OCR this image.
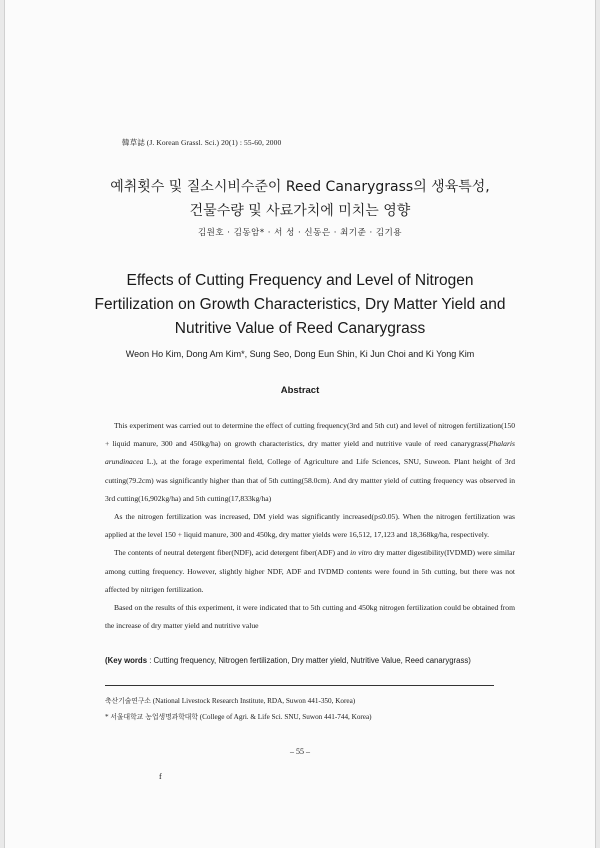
韓草誌 (J. Korean Grassl. Sci.) 20(1) : 55-60, 2000
예취횟수 및 질소시비수준이 Reed Canarygrass의 생육특성,
건물수량 및 사료가치에 미치는 영향
김원호 · 김동암* · 서 성 · 신동은 · 최기준 · 김기용
Effects of Cutting Frequency and Level of Nitrogen
Fertilization on Growth Characteristics, Dry Matter Yield and
Nutritive Value of Reed Canarygrass
Weon Ho Kim, Dong Am Kim*, Sung Seo, Dong Eun Shin, Ki Jun Choi and Ki Yong Kim
Abstract

This experiment was carried out to determine the effect of cutting frequency(3rd and 5th cut) and level of nitrogen fertilization(150 + liquid manure, 300 and 450kg/ha) on growth characteristics, dry matter yield and nutritive vaule of reed canarygrass(Phalaris arundinacea L.), at the forage experimental field, College of Agriculture and Life Sciences, SNU, Suweon. Plant height of 3rd cutting(79.2cm) was significantly higher than that of 5th cutting(58.0cm). And dry mattter yield of cutting frequency was observed in 3rd cutting(16,902kg/ha) and 5th cutting(17,833kg/ha)

As the nitrogen fertilization was increased, DM yield was significantly increased(p≤0.05). When the nitrogen fertilization was applied at the level 150 + liquid manure, 300 and 450kg, dry matter yields were 16,512, 17,123 and 18,368kg/ha, respectively.

The contents of neutral detergent fiber(NDF), acid detergent fiber(ADF) and in vitro dry matter digestibility(IVDMD) were similar among cutting frequency. However, slightly higher NDF, ADF and IVDMD contents were found in 5th cutting, but there was not affected by nitrigen fertilization.

Based on the results of this experiment, it were indicated that to 5th cutting and 450kg nitrogen fertilization could be obtained from the increase of dry matter yield and nutritive value

(Key words : Cutting frequency, Nitrogen fertilization, Dry matter yield, Nutritive Value, Reed canarygrass)
축산기술연구소 (National Livestock Research Institute, RDA, Suwon 441-350, Korea)
* 서울대학교 농업생명과학대학 (College of Agri. & Life Sci. SNU, Suwon 441-744, Korea)
– 55 –
f
